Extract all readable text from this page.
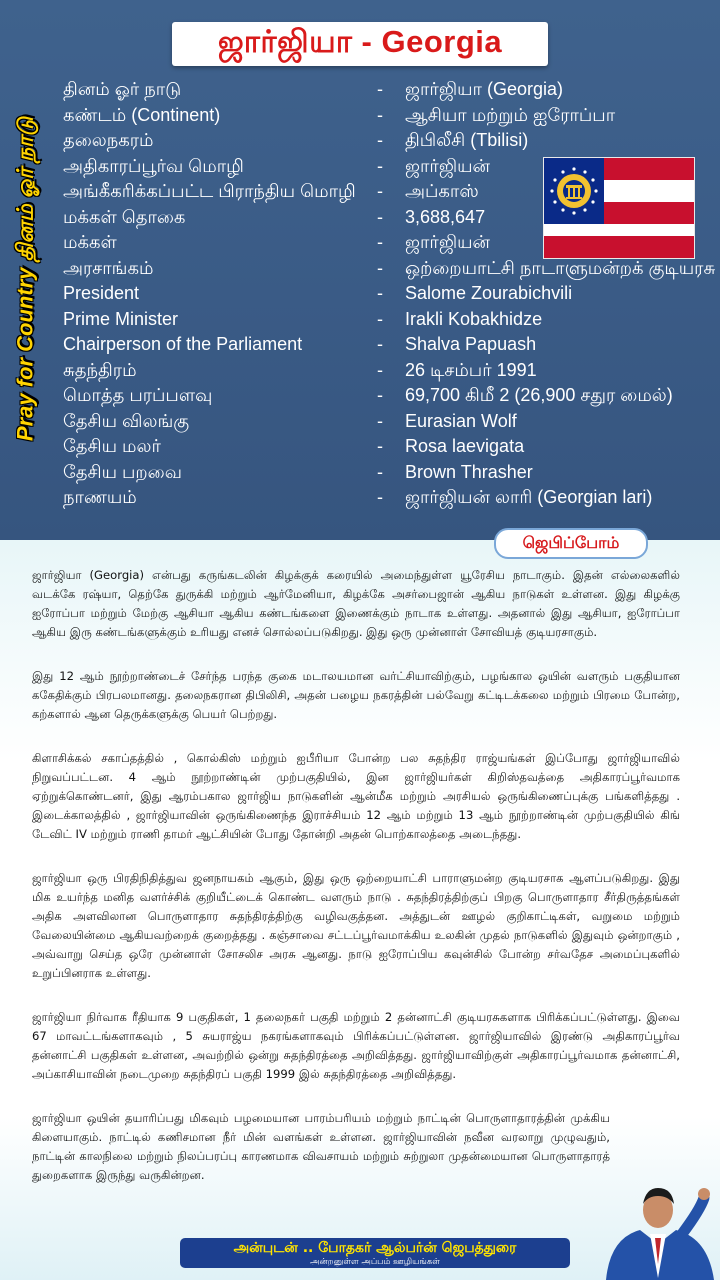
ஜார்ஜியா - Georgia
Pray for Country தினம் ஓர் நாடு
தினம் ஓர் நாடு	- ஜார்ஜியா (Georgia)
கண்டம் (Continent)	- ஆசியா மற்றும் ஐரோப்பா
தலைநகரம்	- திபிலீசி (Tbilisi)
அதிகாரப்பூர்வ மொழி	- ஜார்ஜியன்
அங்கீகரிக்கப்பட்ட பிராந்திய மொழி - அப்காஸ்
மக்கள் தொகை	- 3,688,647
மக்கள்	- ஜார்ஜியன்
அரசாங்கம்	- ஒற்றையாட்சி நாடாளுமன்றக் குடியரசு
President	- Salome Zourabichvili
Prime Minister	- Irakli Kobakhidze
Chairperson of the Parliament	- Shalva Papuash
சுதந்திரம்	- 26 டிசம்பர் 1991
மொத்த பரப்பளவு	- 69,700 கிமீ 2 (26,900 சதுர மைல்)
தேசிய விலங்கு	- Eurasian Wolf
தேசிய மலர்	- Rosa laevigata
தேசிய பறவை	- Brown Thrasher
நாணயம்	- ஜார்ஜியன் லாரி (Georgian lari)
ஜெபிப்போம்

ஜார்ஜியா (Georgia) என்பது கருங்கடலின் கிழக்குக் கரையில் அமைந்துள்ள யூரேசிய நாடாகும். இதன் எல்லைகளில் வடக்கே ரஷ்யா, தெற்கே துருக்கி மற்றும் ஆர்மேனியா, கிழக்கே அசர்பைஜான் ஆகிய நாடுகள் உள்ளன. இது கிழக்கு ஐரோப்பா மற்றும் மேற்கு ஆசியா ஆகிய கண்டங்களை இணைக்கும் நாடாக உள்ளது. அதனால் இது ஆசியா, ஐரோப்பா ஆகிய இரு கண்டங்களுக்கும் உரியது எனச் சொல்லப்படுகிறது. இது ஒரு முன்னாள் சோவியத் குடியரசாகும்.

இது 12 ஆம் நூற்றாண்டைச் சேர்ந்த பரந்த குகை மடாலயமான வர்ட்சியாவிற்கும், பழங்கால ஒயின் வளரும் பகுதியான ககேதிக்கும் பிரபலமானது. தலைநகரான திபிலிசி, அதன் பழைய நகரத்தின் பல்வேறு கட்டிடக்கலை மற்றும் பிரமை போன்ற, கற்களால் ஆன தெருக்களுக்கு பெயர் பெற்றது.

கிளாசிக்கல் சகாப்தத்தில் , கொல்கிஸ் மற்றும் ஐபீரியா போன்ற பல சுதந்திர ராஜ்யங்கள் இப்போது ஜார்ஜியாவில் நிறுவப்பட்டன. 4 ஆம் நூற்றாண்டின் முற்பகுதியில், இன ஜார்ஜியர்கள் கிறிஸ்தவத்தை அதிகாரப்பூர்வமாக ஏற்றுக்கொண்டனர், இது ஆரம்பகால ஜார்ஜிய நாடுகளின் ஆன்மீக மற்றும் அரசியல் ஒருங்கிணைப்புக்கு பங்களித்தது . இடைக்காலத்தில் , ஜார்ஜியாவின் ஒருங்கிணைந்த இராச்சியம் 12 ஆம் மற்றும் 13 ஆம் நூற்றாண்டின் முற்பகுதியில் கிங் டேவிட் IV மற்றும் ராணி தாமர் ஆட்சியின் போது தோன்றி அதன் பொற்காலத்தை அடைந்தது.

ஜார்ஜியா ஒரு பிரதிநிதித்துவ ஜனநாயகம் ஆகும், இது ஒரு ஒற்றையாட்சி பாராளுமன்ற குடியரசாக ஆளப்படுகிறது. இது மிக உயர்ந்த மனித வளர்ச்சிக் குறியீட்டைக் கொண்ட வளரும் நாடு . சுதந்திரத்திற்குப் பிறகு பொருளாதார சீர்திருத்தங்கள் அதிக அளவிலான பொருளாதார சுதந்திரத்திற்கு வழிவகுத்தன. அத்துடன் ஊழல் குறிகாட்டிகள், வறுமை மற்றும் வேலையின்மை ஆகியவற்றைக் குறைத்தது . கஞ்சாவை சட்டப்பூர்வமாக்கிய உலகின் முதல் நாடுகளில் இதுவும் ஒன்றாகும் , அவ்வாறு செய்த ஒரே முன்னாள் சோசலிச அரசு ஆனது. நாடு ஐரோப்பிய கவுன்சில் போன்ற சர்வதேச அமைப்புகளில் உறுப்பினராக உள்ளது.

ஜார்ஜியா நிர்வாக ரீதியாக 9 பகுதிகள், 1 தலைநகர் பகுதி மற்றும் 2 தன்னாட்சி குடியரசுகளாக பிரிக்கப்பட்டுள்ளது. இவை 67 மாவட்டங்களாகவும் , 5 சுயராஜ்ய நகரங்களாகவும் பிரிக்கப்பட்டுள்ளன. ஜார்ஜியாவில் இரண்டு அதிகாரப்பூர்வ தன்னாட்சி பகுதிகள் உள்ளன, அவற்றில் ஒன்று சுதந்திரத்தை அறிவித்தது. ஜார்ஜியாவிற்குள் அதிகாரப்பூர்வமாக தன்னாட்சி, அப்காசியாவின் நடைமுறை சுதந்திரப் பகுதி 1999 இல் சுதந்திரத்தை அறிவித்தது.

ஜார்ஜியா ஒயின் தயாரிப்பது மிகவும் பழமையான பாரம்பரியம் மற்றும் நாட்டின் பொருளாதாரத்தின் முக்கிய கிளையாகும். நாட்டில் கணிசமான நீர் மின் வளங்கள் உள்ளன. ஜார்ஜியாவின் நவீன வரலாறு முழுவதும், நாட்டின் காலநிலை மற்றும் நிலப்பரப்பு காரணமாக விவசாயம் மற்றும் சுற்றுலா முதன்மையான பொருளாதாரத் துறைகளாக இருந்து வருகின்றன.

அன்புடன் .. போதகர் ஆல்பர்ன் ஜெபத்துரை
அன்றனுள்ள அப்பம் ஊழியங்கள்
